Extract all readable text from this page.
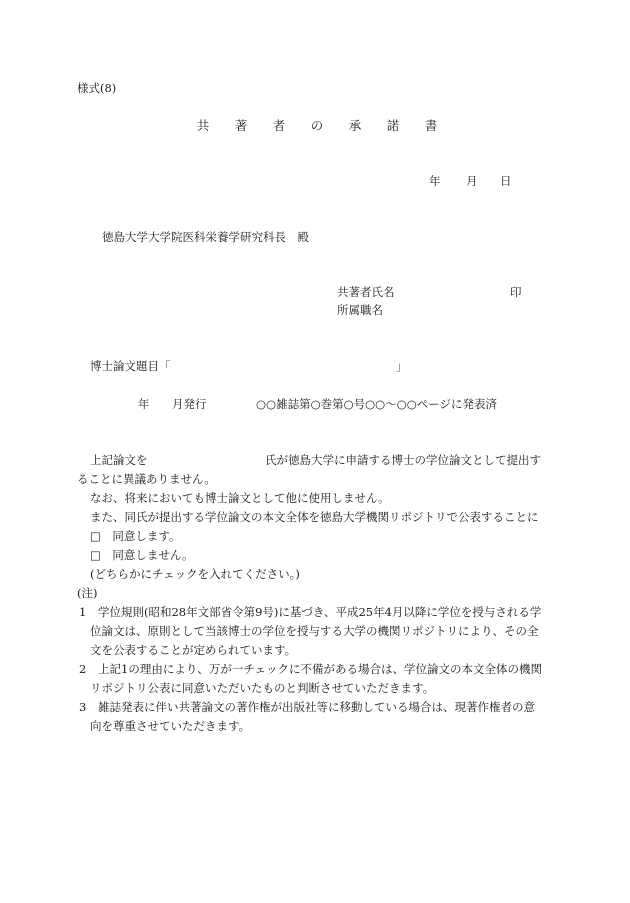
様式(8)
共 著 者 の 承 諾 書
年 月 日
徳島大学大学院医科栄養学研究科長　殿
共著者氏名	印
所属職名
博士論文題目「	」
年 月発行	○○雑誌第○巻第○号○○～○○ページに発表済
上記論文を	氏が徳島大学に申請する博士の学位論文として提出す
ることに異議ありません。
なお、将来においても博士論文として他に使用しません。
また、同氏が提出する学位論文の本文全体を徳島大学機関リポジトリで公表することに
□　同意します。
□　同意しません。
(どちらかにチェックを入れてください。)
(注)
1 学位規則(昭和28年文部省令第9号)に基づき、平成25年4月以降に学位を授与される学
位論文は、原則として当該博士の学位を授与する大学の機関リポジトリにより、その全
文を公表することが定められています。
2 上記1の理由により、万が一チェックに不備がある場合は、学位論文の本文全体の機関
リポジトリ公表に同意いただいたものと判断させていただきます。
3 雑誌発表に伴い共著論文の著作権が出版社等に移動している場合は、現著作権者の意
向を尊重させていただきます。
